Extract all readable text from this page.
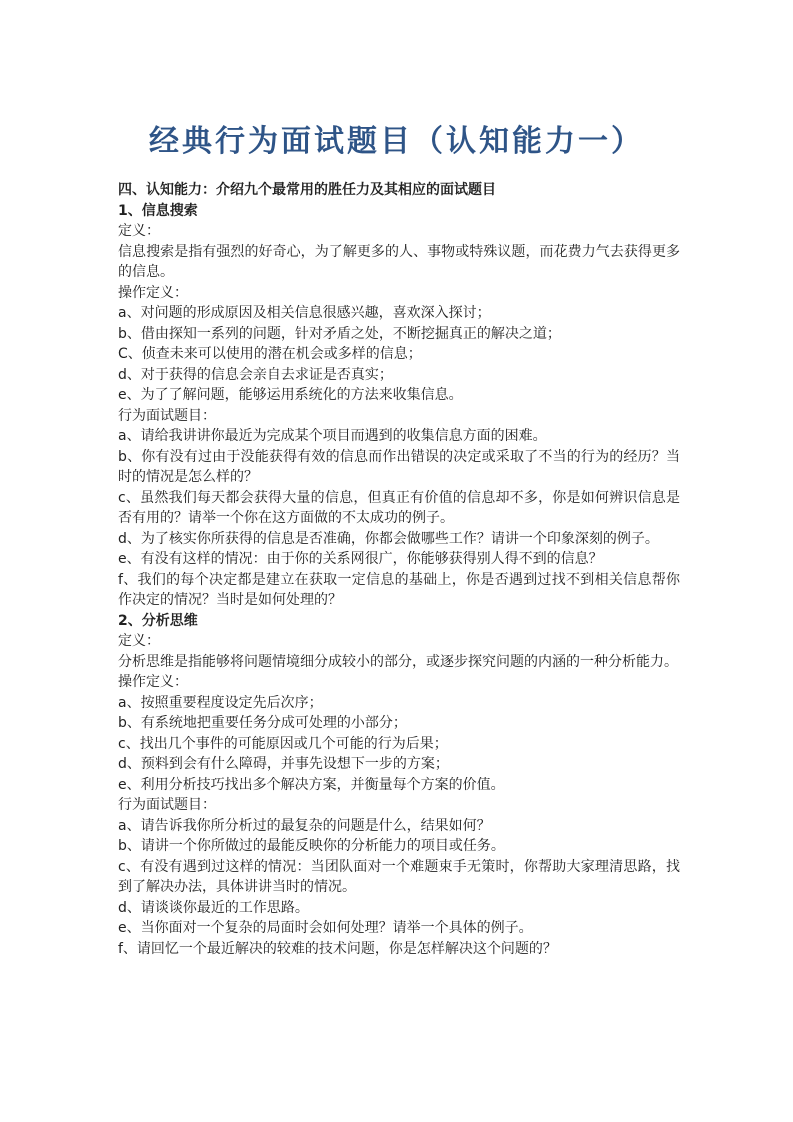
经典行为面试题目（认知能力一）

四、认知能力：介绍九个最常用的胜任力及其相应的面试题目

1、信息搜索

定义：

信息搜索是指有强烈的好奇心，为了解更多的人、事物或特殊议题，而花费力气去获得更多的信息。

操作定义：

a、对问题的形成原因及相关信息很感兴趣，喜欢深入探讨；

b、借由探知一系列的问题，针对矛盾之处，不断挖掘真正的解决之道；

C、侦查未来可以使用的潜在机会或多样的信息；

d、对于获得的信息会亲自去求证是否真实；

e、为了了解问题，能够运用系统化的方法来收集信息。

行为面试题目：

a、请给我讲讲你最近为完成某个项目而遇到的收集信息方面的困难。

b、你有没有过由于没能获得有效的信息而作出错误的决定或采取了不当的行为的经历？当时的情况是怎么样的？

c、虽然我们每天都会获得大量的信息，但真正有价值的信息却不多，你是如何辨识信息是否有用的？请举一个你在这方面做的不太成功的例子。

d、为了核实你所获得的信息是否准确，你都会做哪些工作？请讲一个印象深刻的例子。

e、有没有这样的情况：由于你的关系网很广，你能够获得别人得不到的信息？

f、我们的每个决定都是建立在获取一定信息的基础上，你是否遇到过找不到相关信息帮你作决定的情况？当时是如何处理的？

2、分析思维

定义：

分析思维是指能够将问题情境细分成较小的部分，或逐步探究问题的内涵的一种分析能力。

操作定义：

a、按照重要程度设定先后次序；

b、有系统地把重要任务分成可处理的小部分；

c、找出几个事件的可能原因或几个可能的行为后果；

d、预料到会有什么障碍，并事先设想下一步的方案；

e、利用分析技巧找出多个解决方案，并衡量每个方案的价值。

行为面试题目：

a、请告诉我你所分析过的最复杂的问题是什么，结果如何？

b、请讲一个你所做过的最能反映你的分析能力的项目或任务。

c、有没有遇到过这样的情况：当团队面对一个难题束手无策时，你帮助大家理清思路，找到了解决办法，具体讲讲当时的情况。

d、请谈谈你最近的工作思路。

e、当你面对一个复杂的局面时会如何处理？请举一个具体的例子。

f、请回忆一个最近解决的较难的技术问题，你是怎样解决这个问题的？
